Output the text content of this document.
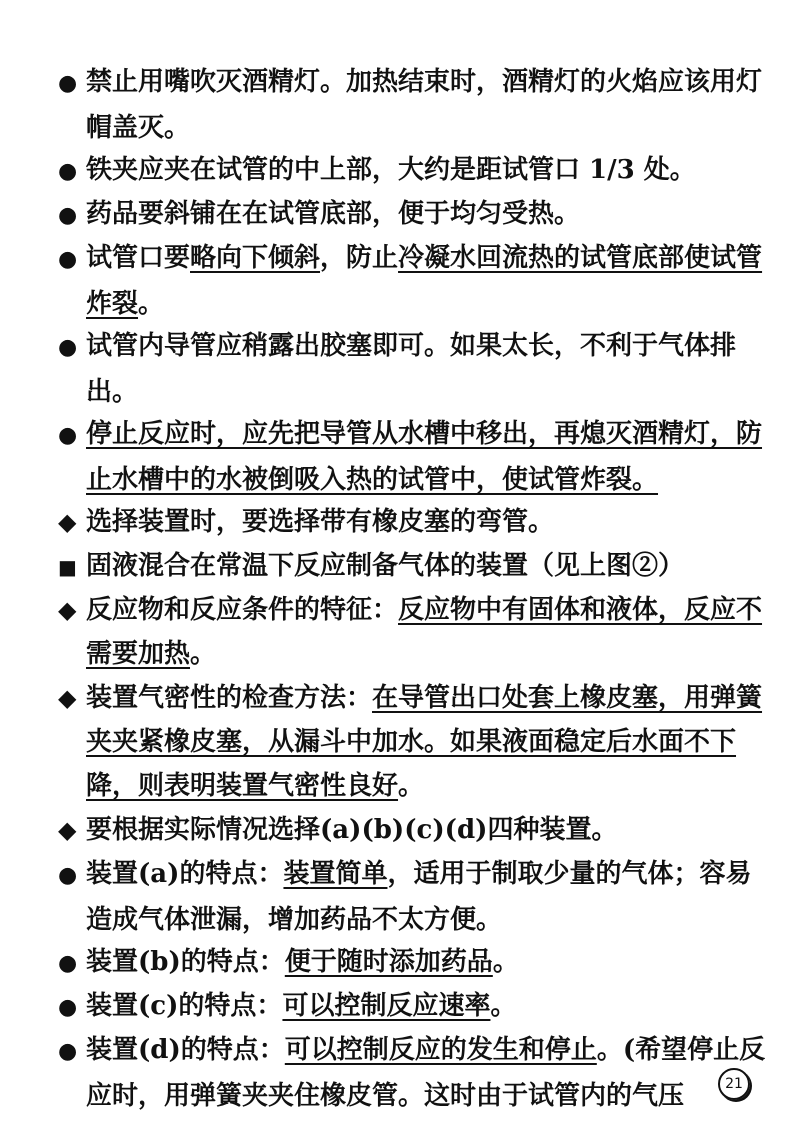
● 禁止用嘴吹灭酒精灯。加热结束时，酒精灯的火焰应该用灯帽盖灭。
● 铁夹应夹在试管的中上部，大约是距试管口 1/3 处。
● 药品要斜铺在在试管底部，便于均匀受热。
● 试管口要略向下倾斜，防止冷凝水回流热的试管底部使试管炸裂。
● 试管内导管应稍露出胶塞即可。如果太长，不利于气体排出。
● 停止反应时，应先把导管从水槽中移出，再熄灭酒精灯，防止水槽中的水被倒吸入热的试管中，使试管炸裂。
◆ 选择装置时，要选择带有橡皮塞的弯管。
■ 固液混合在常温下反应制备气体的装置（见上图②）
◆ 反应物和反应条件的特征：反应物中有固体和液体，反应不需要加热。
◆ 装置气密性的检查方法：在导管出口处套上橡皮塞，用弹簧夹夹紧橡皮塞，从漏斗中加水。如果液面稳定后水面不下降，则表明装置气密性良好。
◆ 要根据实际情况选择(a)(b)(c)(d)四种装置。
● 装置(a)的特点：装置简单，适用于制取少量的气体；容易造成气体泄漏，增加药品不太方便。
● 装置(b)的特点：便于随时添加药品。
● 装置(c)的特点：可以控制反应速率。
● 装置(d)的特点：可以控制反应的发生和停止。(希望停止反应时，用弹簧夹夹住橡皮管。这时由于试管内的气压	21
